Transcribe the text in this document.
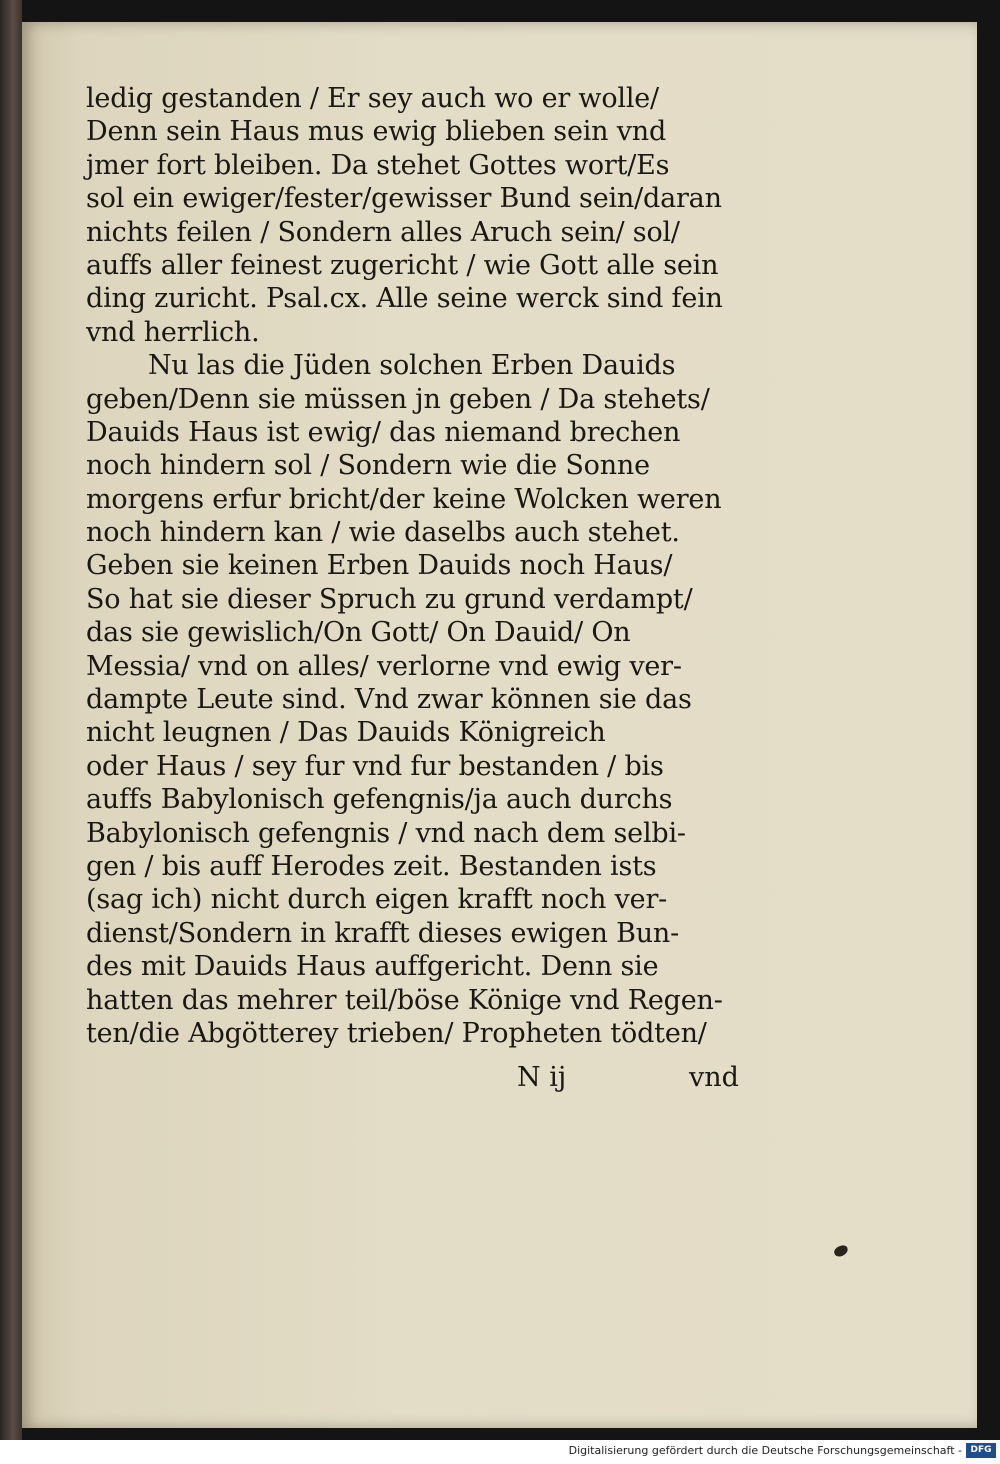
ledig gestanden / Er sey auch wo er wolle/
Denn sein Haus mus ewig blieben sein vnd
jmer fort bleiben. Da stehet Gottes wort/Es
sol ein ewiger/fester/gewisser Bund sein/daran
nichts feilen / Sondern alles Aruch sein/ sol/
auffs aller feinest zugericht / wie Gott alle sein
ding zuricht. Psal.cx. Alle seine werck sind fein
vnd herrlich.
Nu las die Jüden solchen Erben Dauids
geben/Denn sie müssen jn geben / Da stehets/
Dauids Haus ist ewig/ das niemand brechen
noch hindern sol / Sondern wie die Sonne
morgens erfur bricht/der keine Wolcken weren
noch hindern kan / wie daselbs auch stehet.
Geben sie keinen Erben Dauids noch Haus/
So hat sie dieser Spruch zu grund verdampt/
das sie gewislich/On Gott/ On Dauid/ On
Messia/ vnd on alles/ verlorne vnd ewig ver-
dampte Leute sind. Vnd zwar können sie das
nicht leugnen / Das Dauids Königreich
oder Haus / sey fur vnd fur bestanden / bis
auffs Babylonisch gefengnis/ja auch durchs
Babylonisch gefengnis / vnd nach dem selbi-
gen / bis auff Herodes zeit. Bestanden ists
(sag ich) nicht durch eigen krafft noch ver-
dienst/Sondern in krafft dieses ewigen Bun-
des mit Dauids Haus auffgericht. Denn sie
hatten das mehrer teil/böse Könige vnd Regen-
ten/die Abgötterey trieben/ Propheten tödten/
N ij	vnd
Digitalisierung gefördert durch die Deutsche Forschungsgemeinschaft - DFG
